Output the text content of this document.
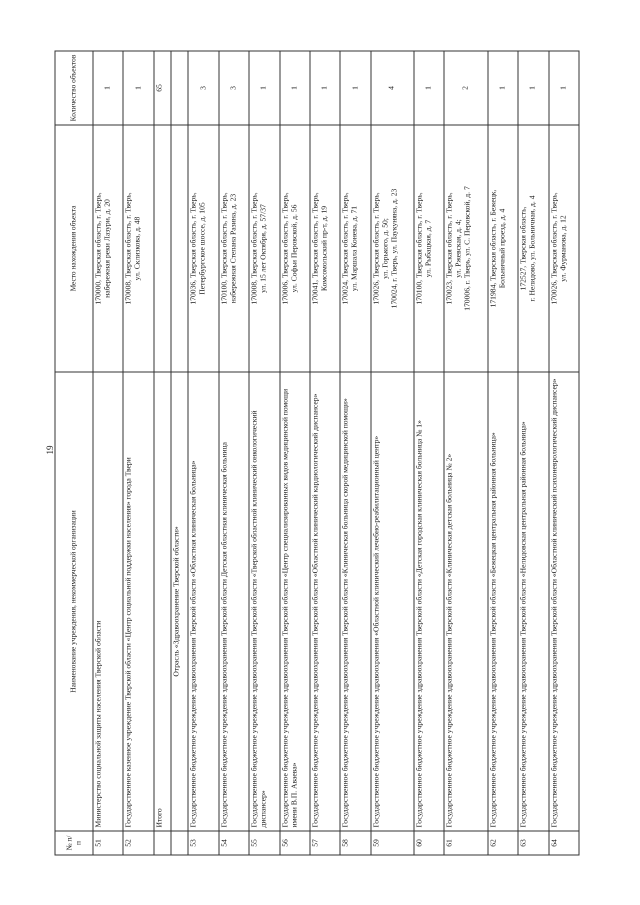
19
№ п/п	Наименование учреждения, некоммерческой организации	Место нахождения объекта	Количество объектов
51	Министерство социальной защиты населения Тверской области	170000, Тверская область, г. Тверь, набережная реки Лазури, д. 20	1
52	Государственное казенное учреждение Тверской области «Центр социальной поддержки населения» города Твери	170008, Тверская область, г. Тверь, ул. Склизкова, д. 48	1
	Итого		65
	Отрасль «Здравоохранение Тверской области»		
53	Государственное бюджетное учреждение здравоохранения Тверской области «Областная клиническая больница»	170036, Тверская область, г. Тверь, Петербургское шоссе, д. 105	3
54	Государственное бюджетное учреждение здравоохранения Тверской области Детская областная клиническая больница	170100, Тверская область, г. Тверь, набережная Степана Разина, д. 23	3
55	Государственное бюджетное учреждение здравоохранения Тверской области «Тверской областной клинический онкологический диспансер»	170008, Тверская область, г. Тверь, ул. 15 лет Октября, д. 57/37	1
56	Государственное бюджетное учреждение здравоохранения Тверской области «Центр специализированных видов медицинской помощи имени В.П. Аваева»	170006, Тверская область, г. Тверь, ул. Софьи Перовской, д. 56	1
57	Государственное бюджетное учреждение здравоохранения Тверской области «Областной клинический кардиологический диспансер»	170041, Тверская область, г. Тверь, Комсомольский пр-т, д. 19	1
58	Государственное бюджетное учреждение здравоохранения Тверской области «Клиническая больница скорой медицинской помощи»	170024, Тверская область, г. Тверь, ул. Маршала Конева, д. 71	1
59	Государственное бюджетное учреждение здравоохранения «Областной клинический лечебно-реабилитационный центр»	170026, Тверская область, г. Тверь, ул. Горького, д. 50; 170024, г. Тверь, ул. Паукуняна, д. 23	4
60	Государственное бюджетное учреждение здравоохранения Тверской области «Детская городская клиническая больница № 1»	170100, Тверская область, г. Тверь, ул. Рыбацкая, д. 7	1
61	Государственное бюджетное учреждение здравоохранения Тверской области «Клиническая детская больница № 2»	170023, Тверская область, г. Тверь, ул. Ржевская, д. 4; 170006, г. Тверь, ул. С. Перовской, д. 7	2
62	Государственное бюджетное учреждение здравоохранения Тверской области «Бежецкая центральная районная больница»	171984, Тверская область, г. Бежецк, Больничный проезд, д. 4	1
63	Государственное бюджетное учреждение здравоохранения Тверской области «Нелидовская центральная районная больница»	172527, Тверская область, г. Нелидово, ул. Больничная, д. 4	1
64	Государственное бюджетное учреждение здравоохранения Тверской области «Областной клинический психоневрологический диспансер»	170026, Тверская область, г. Тверь, ул. Фурманова, д. 12	1
